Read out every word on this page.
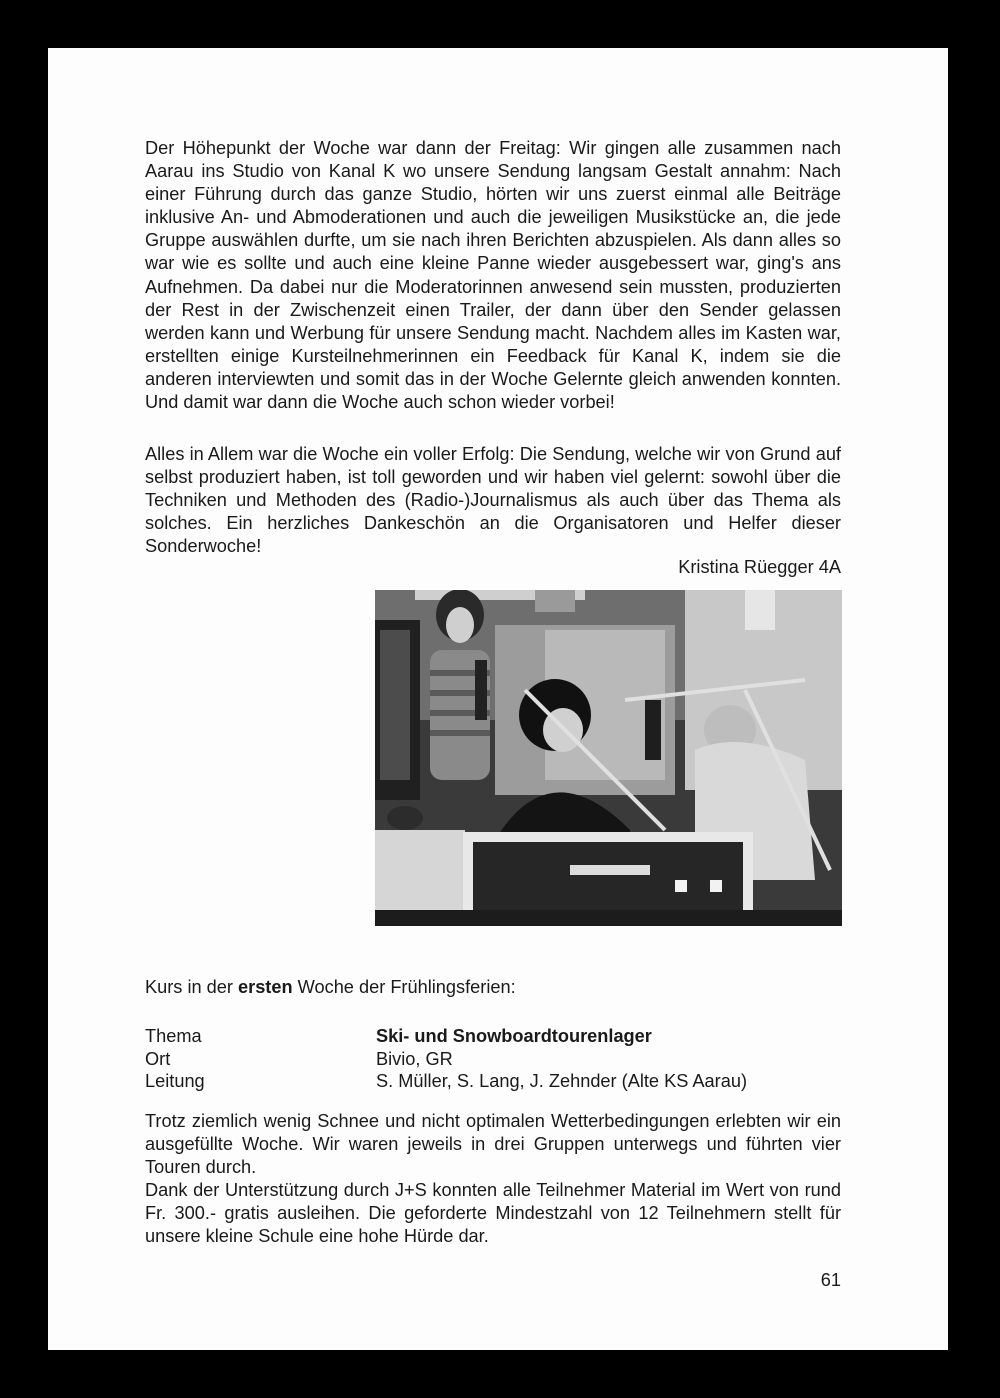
Der Höhepunkt der Woche war dann der Freitag: Wir gingen alle zusammen nach Aarau ins Studio von Kanal K wo unsere Sendung langsam Gestalt annahm: Nach einer Führung durch das ganze Studio, hörten wir uns zuerst einmal alle Beiträge inklusive An- und Abmoderationen und auch die jeweiligen Musikstücke an, die jede Gruppe auswählen durfte, um sie nach ihren Berichten abzuspielen. Als dann alles so war wie es sollte und auch eine kleine Panne wieder ausgebessert war, ging's ans Aufnehmen. Da dabei nur die Moderatorinnen anwesend sein mussten, produzierten der Rest in der Zwischenzeit einen Trailer, der dann über den Sender gelassen werden kann und Werbung für unsere Sendung macht. Nachdem alles im Kasten war, erstellten einige Kursteilnehmerinnen ein Feedback für Kanal K, indem sie die anderen interviewten und somit das in der Woche Gelernte gleich anwenden konnten. Und damit war dann die Woche auch schon wieder vorbei!

Alles in Allem war die Woche ein voller Erfolg: Die Sendung, welche wir von Grund auf selbst produziert haben, ist toll geworden und wir haben viel gelernt: sowohl über die Techniken und Methoden des (Radio-)Journalismus als auch über das Thema als solches. Ein herzliches Dankeschön an die Organisatoren und Helfer dieser Sonderwoche!

Kristina Rüegger 4A
Kurs in der ersten Woche der Frühlingsferien:
Thema	Ski- und Snowboardtourenlager
Ort	Bivio, GR
Leitung	S. Müller, S. Lang, J. Zehnder (Alte KS Aarau)

Trotz ziemlich wenig Schnee und nicht optimalen Wetterbedingungen erlebten wir ein ausgefüllte Woche. Wir waren jeweils in drei Gruppen unterwegs und führten vier Touren durch.
Dank der Unterstützung durch J+S konnten alle Teilnehmer Material im Wert von rund Fr. 300.- gratis ausleihen. Die geforderte Mindestzahl von 12 Teilnehmern stellt für unsere kleine Schule eine hohe Hürde dar.

61
